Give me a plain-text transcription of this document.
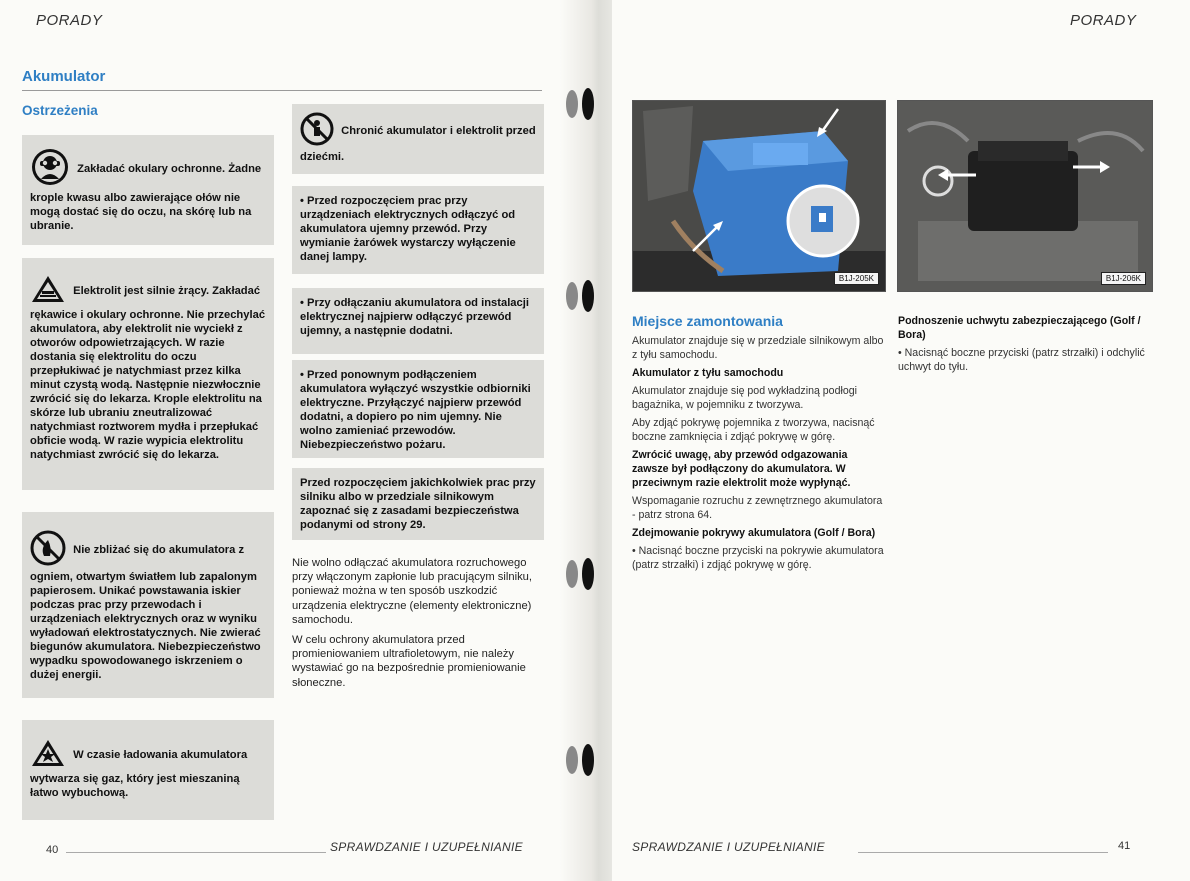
PORADY
Akumulator
Ostrzeżenia
Zakładać okulary ochronne. Żadne krople kwasu albo zawierające ołów nie mogą dostać się do oczu, na skórę lub na ubranie.
Elektrolit jest silnie żrący. Zakładać rękawice i okulary ochronne. Nie przechylać akumulatora, aby elektrolit nie wyciekł z otworów odpowietrzających. W razie dostania się elektrolitu do oczu przepłukiwać je natychmiast przez kilka minut czystą wodą. Następnie niezwłocznie zwrócić się do lekarza. Krople elektrolitu na skórze lub ubraniu zneutralizować natychmiast roztworem mydła i przepłukać obficie wodą. W razie wypicia elektrolitu natychmiast zwrócić się do lekarza.
Nie zbliżać się do akumulatora z ogniem, otwartym światłem lub zapalonym papierosem. Unikać powstawania iskier podczas prac przy przewodach i urządzeniach elektrycznych oraz w wyniku wyładowań elektrostatycznych. Nie zwierać biegunów akumulatora. Niebezpieczeństwo wypadku spowodowanego iskrzeniem o dużej energii.
W czasie ładowania akumulatora wytwarza się gaz, który jest mieszaniną łatwo wybuchową.
Chronić akumulator i elektrolit przed dziećmi.

• Przed rozpoczęciem prac przy urządzeniach elektrycznych odłączyć od akumulatora ujemny przewód. Przy wymianie żarówek wystarczy wyłączenie danej lampy.

• Przy odłączaniu akumulatora od instalacji elektrycznej najpierw odłączyć przewód ujemny, a następnie dodatni.

• Przed ponownym podłączeniem akumulatora wyłączyć wszystkie odbiorniki elektryczne. Przyłączyć najpierw przewód dodatni, a dopiero po nim ujemny. Nie wolno zamieniać przewodów. Niebezpieczeństwo pożaru.

Przed rozpoczęciem jakichkolwiek prac przy silniku albo w przedziale silnikowym zapoznać się z zasadami bezpieczeństwa podanymi od strony 29.

Nie wolno odłączać akumulatora rozruchowego przy włączonym zapłonie lub pracującym silniku, ponieważ można w ten sposób uszkodzić urządzenia elektryczne (elementy elektroniczne) samochodu.

W celu ochrony akumulatora przed promieniowaniem ultrafioletowym, nie należy wystawiać go na bezpośrednie promieniowanie słoneczne.

40	SPRAWDZANIE I UZUPEŁNIANIE
PORADY
B1J-205K	B1J-206K

Miejsce zamontowania

Akumulator znajduje się w przedziale silnikowym albo z tyłu samochodu.

Akumulator z tyłu samochodu

Akumulator znajduje się pod wykładziną podłogi bagażnika, w pojemniku z tworzywa.

Aby zdjąć pokrywę pojemnika z tworzywa, nacisnąć boczne zamknięcia i zdjąć pokrywę w górę.

Zwrócić uwagę, aby przewód odgazowania zawsze był podłączony do akumulatora. W przeciwnym razie elektrolit może wypłynąć.

Wspomaganie rozruchu z zewnętrznego akumulatora - patrz strona 64.

Zdejmowanie pokrywy akumulatora (Golf / Bora)

• Nacisnąć boczne przyciski na pokrywie akumulatora (patrz strzałki) i zdjąć pokrywę w górę.

Podnoszenie uchwytu zabezpieczającego (Golf / Bora)

• Nacisnąć boczne przyciski (patrz strzałki) i odchylić uchwyt do tyłu.

SPRAWDZANIE I UZUPEŁNIANIE	41
